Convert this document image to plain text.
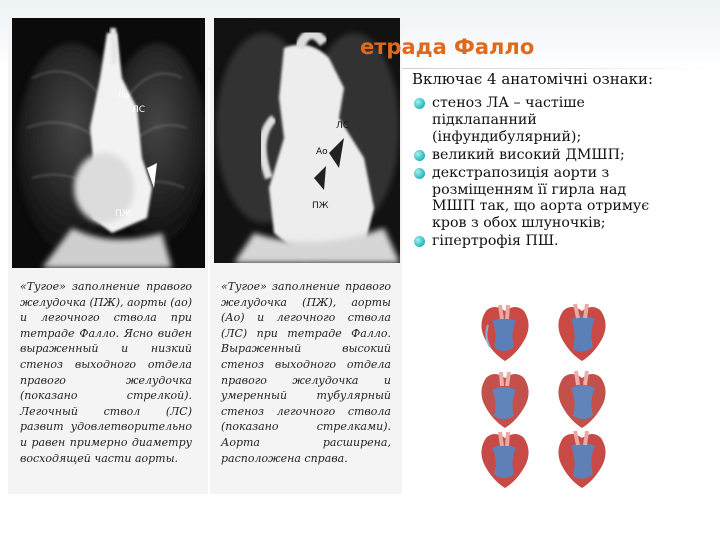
Ло
ЛС
ПЖ
«Тугое» заполнение правого желудочка (ПЖ), аорты (ао) и легочного ствола при тетраде Фалло. Ясно виден выраженный и низкий стеноз выходного отдела правого желудочка (показано стрелкой). Легочный ствол (ЛС) развит удовлетворительно и равен примерно диаметру восходящей части аорты.
ЛС
Ао
ПЖ
«Тугое» заполнение правого желудочка (ПЖ), аорты (Ао) и легочного ствола (ЛС) при тетраде Фалло. Выраженный высокий стеноз выходного отдела правого желудочка и умеренный тубулярный стеноз легочного ствола (показано стрелками). Аорта расширена, расположена справа.
етрада Фалло
Включає 4 анатомічні ознаки:
стеноз ЛА – частіше
підклапанний
(інфундибулярний);
великий високий ДМШП;
декстрапозиція аорти з
розміщенням її гирла над
МШП так, що аорта отримує
кров з обох шлуночків;
гіпертрофія ПШ.
